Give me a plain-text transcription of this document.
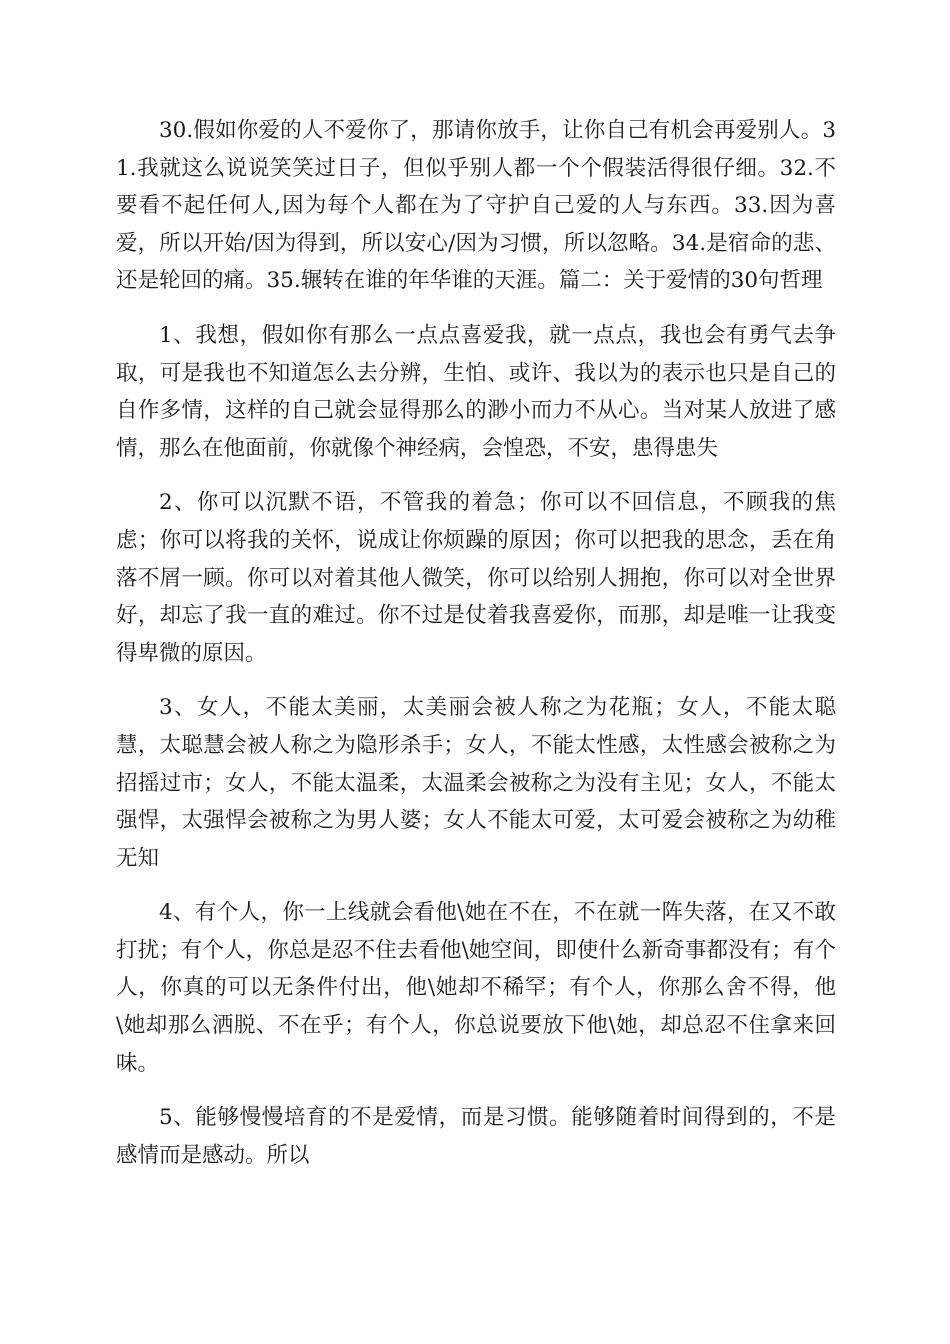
30.假如你爱的人不爱你了，那请你放手，让你自己有机会再爱别人。31.我就这么说说笑笑过日子，但似乎别人都一个个假装活得很仔细。32.不要看不起任何人,因为每个人都在为了守护自己爱的人与东西。33.因为喜爱，所以开始/因为得到，所以安心/因为习惯，所以忽略。34.是宿命的悲、还是轮回的痛。35.辗转在谁的年华谁的天涯。篇二：关于爱情的30句哲理

1、我想，假如你有那么一点点喜爱我，就一点点，我也会有勇气去争取，可是我也不知道怎么去分辨，生怕、或许、我以为的表示也只是自己的自作多情，这样的自己就会显得那么的渺小而力不从心。当对某人放进了感情，那么在他面前，你就像个神经病，会惶恐，不安，患得患失

2、你可以沉默不语，不管我的着急；你可以不回信息，不顾我的焦虑；你可以将我的关怀，说成让你烦躁的原因；你可以把我的思念，丢在角落不屑一顾。你可以对着其他人微笑，你可以给别人拥抱，你可以对全世界好，却忘了我一直的难过。你不过是仗着我喜爱你，而那，却是唯一让我变得卑微的原因。

3、女人，不能太美丽，太美丽会被人称之为花瓶；女人，不能太聪慧，太聪慧会被人称之为隐形杀手；女人，不能太性感，太性感会被称之为招摇过市；女人，不能太温柔，太温柔会被称之为没有主见；女人，不能太强悍，太强悍会被称之为男人婆；女人不能太可爱，太可爱会被称之为幼稚无知

4、有个人，你一上线就会看他\她在不在，不在就一阵失落，在又不敢打扰；有个人，你总是忍不住去看他\她空间，即使什么新奇事都没有；有个人，你真的可以无条件付出，他\她却不稀罕；有个人，你那么舍不得，他\她却那么洒脱、不在乎；有个人，你总说要放下他\她，却总忍不住拿来回味。

5、能够慢慢培育的不是爱情，而是习惯。能够随着时间得到的，不是感情而是感动。所以
